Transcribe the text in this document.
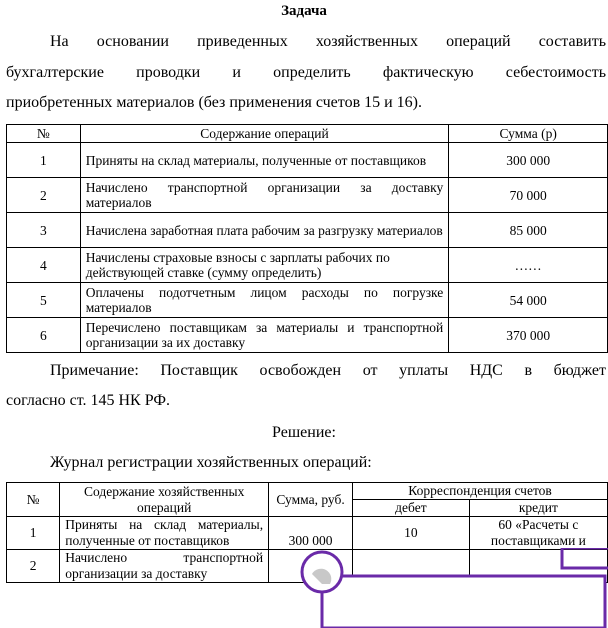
Задача
На основании приведенных хозяйственных операций составить
бухгалтерские проводки и определить фактическую себестоимость
приобретенных материалов (без применения счетов 15 и 16).
№	Содержание операций	Сумма (р)
1	Приняты на склад материалы, полученные от поставщиков	300 000
2	Начислено транспортной организации за доставку материалов	70 000
3	Начислена заработная плата рабочим за разгрузку материалов	85 000
4	Начислены страховые взносы с зарплаты рабочих по действующей ставке (сумму определить)	……
5	Оплачены подотчетным лицом расходы по погрузке материалов	54 000
6	Перечислено поставщикам за материалы и транспортной организации за их доставку	370 000
Примечание: Поставщик освобожден от уплаты НДС в бюджет
согласно ст. 145 НК РФ.
Решение:
Журнал регистрации хозяйственных операций:
№	Содержание хозяйственных операций	Сумма, руб.	Корреспонденция счетов	
			дебет	кредит
1	Приняты на склад материалы, полученные от поставщиков	300 000	10	60 «Расчеты с поставщиками и
2	Начислено транспортной организации за доставку			
